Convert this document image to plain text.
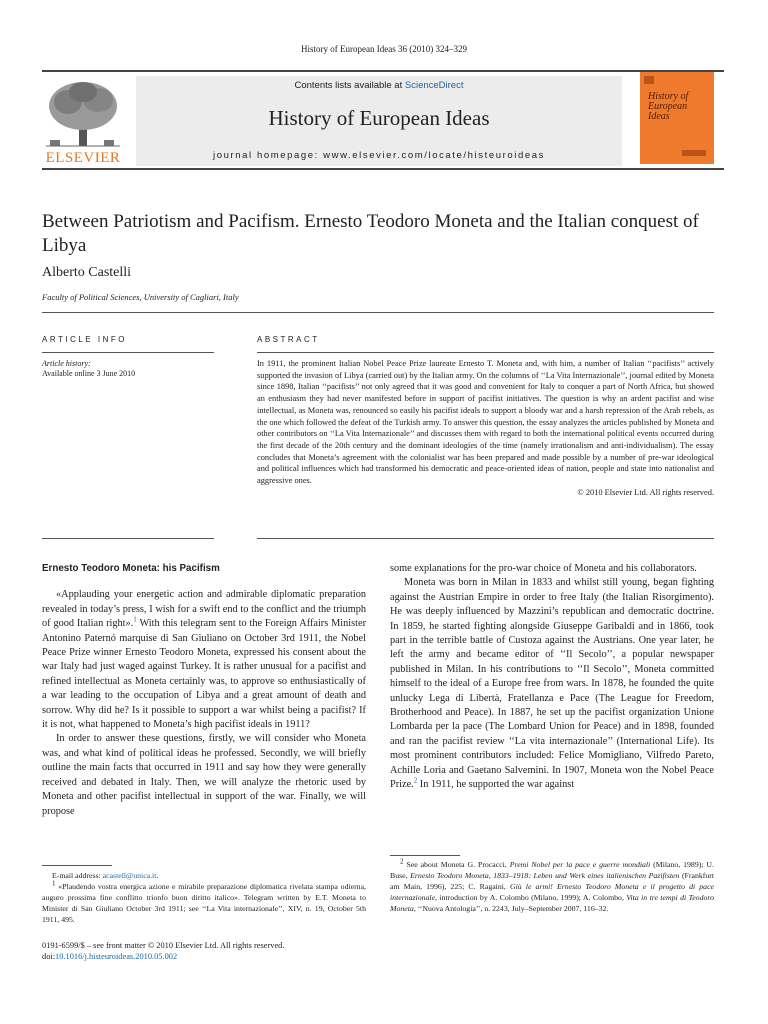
History of European Ideas 36 (2010) 324–329
ELSEVIER
Contents lists available at ScienceDirect
History of European Ideas
journal homepage: www.elsevier.com/locate/histeuroideas
History of European Ideas
Between Patriotism and Pacifism. Ernesto Teodoro Moneta and the Italian conquest of Libya
Alberto Castelli
Faculty of Political Sciences, University of Cagliari, Italy
ARTICLE INFO	ABSTRACT
Article history:
Available online 3 June 2010
In 1911, the prominent Italian Nobel Peace Prize laureate Ernesto T. Moneta and, with him, a number of Italian ‘‘pacifists’’ actively supported the invasion of Libya (carried out) by the Italian army. On the columns of ‘‘La Vita Internazionale’’, journal edited by Moneta since 1898, Italian ‘‘pacifists’’ not only agreed that it was good and convenient for Italy to conquer a part of North Africa, but showed an enthusiasm they had never manifested before in support of pacifist initiatives. The question is why an ardent pacifist and wise intellectual, as Moneta was, renounced so easily his pacifist ideals to support a bloody war and a harsh repression of the Arab rebels, as the one which followed the defeat of the Turkish army. To answer this question, the essay analyzes the articles published by Moneta and other contributors on ‘‘La Vita Internazionale’’ and discusses them with regard to both the international political events occurred during the first decade of the 20th century and the dominant ideologies of the time (namely irrationalism and anti-individualism). The essay concludes that Moneta’s agreement with the colonialist war has been prepared and made possible by a number of pre-war ideological and political influences which had transformed his democratic and peace-oriented ideas of nation, people and state into nationalist and aggressive ones.
© 2010 Elsevier Ltd. All rights reserved.
Ernesto Teodoro Moneta: his Pacifism

«Applauding your energetic action and admirable diplomatic preparation revealed in today’s press, I wish for a swift end to the conflict and the triumph of good Italian right».$^1$ With this telegram sent to the Foreign Affairs Minister Antonino Paternó marquise di San Giuliano on October 3rd 1911, the Nobel Peace Prize winner Ernesto Teodoro Moneta, expressed his consent about the war Italy had just waged against Turkey. It is rather unusual for a pacifist and refined intellectual as Moneta certainly was, to approve so enthusiastically of a war leading to the occupation of Libya and a great amount of death and sorrow. Why did he? Is it possible to support a war whilst being a pacifist? If it is not, what happened to Moneta’s high pacifist ideals in 1911?

In order to answer these questions, firstly, we will consider who Moneta was, and what kind of political ideas he professed. Secondly, we will briefly outline the main facts that occurred in 1911 and say how they were generally received and debated in Italy. Then, we will analyze the rhetoric used by Moneta and other pacifist intellectual in support of the war. Finally, we will propose

some explanations for the pro-war choice of Moneta and his collaborators.

Moneta was born in Milan in 1833 and whilst still young, began fighting against the Austrian Empire in order to free Italy (the Italian Risorgimento). He was deeply influenced by Mazzini’s republican and democratic doctrine. In 1859, he started fighting alongside Giuseppe Garibaldi and in 1866, took part in the terrible battle of Custoza against the Austrians. One year later, he left the army and became editor of ‘‘Il Secolo’’, a popular newspaper published in Milan. In his contributions to ‘‘Il Secolo’’, Moneta committed himself to the ideal of a Europe free from wars. In 1878, he founded the quite unlucky Lega di Libertà, Fratellanza e Pace (The League for Freedom, Brotherhood and Peace). In 1887, he set up the pacifist organization Unione Lombarda per la pace (The Lombard Union for Peace) and in 1898, founded and ran the pacifist review ‘‘La vita internazionale’’ (International Life). Its most prominent contributors included: Felice Momigliano, Vilfredo Pareto, Achille Loria and Gaetano Salvemini. In 1907, Moneta won the Nobel Peace Prize.$^2$ In 1911, he supported the war against

E-mail address: acastell@unica.it.

$^1$ «Plaudendo vostra energica azione e mirabile preparazione diplomatica rivelata stampa odierna, auguro prossima fine conflitto trionfo buon diritto italico». Telegram written by E.T. Moneta to Minister di San Giuliano October 3rd 1911; see ‘‘La Vita internazionale’’, XIV, n. 19, October 5th 1911, 495.

$^2$ See about Moneta G. Procacci, Premi Nobel per la pace e guerre mondiali (Milano, 1989); U. Buse, Ernesto Teodoro Moneta, 1833–1918: Leben und Werk eines italienischen Pazifisten (Frankfurt am Main, 1996), 225; C. Ragaini, Giù le armi! Ernesto Teodoro Moneta e il progetto di pace internazionale, introduction by A. Colombo (Milano, 1999); A. Colombo, Vita in tre tempi di Teodoro Moneta, ‘‘Nuova Antologia’’, n. 2243, July–September 2007, 116–32.

0191-6599/$ – see front matter © 2010 Elsevier Ltd. All rights reserved.
doi:10.1016/j.histeuroideas.2010.05.002
